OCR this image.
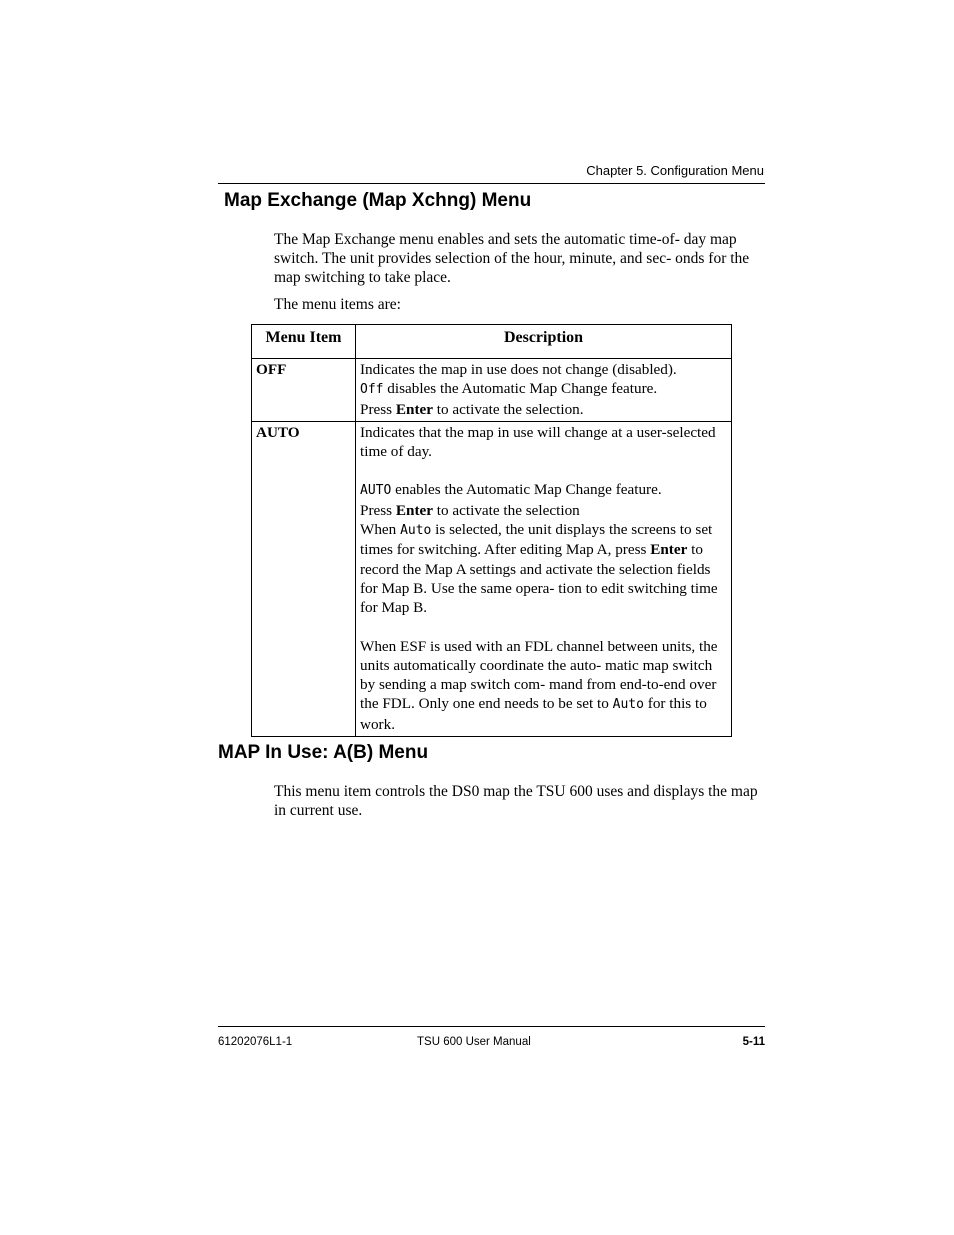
Chapter 5. Configuration Menu
Map Exchange (Map Xchng) Menu
The Map Exchange menu enables and sets the automatic time-of- day map switch. The unit provides selection of the hour, minute, and sec- onds for the map switching to take place.
The menu items are:
Menu Item	Description
OFF	Indicates the map in use does not change (disabled).
Off disables the Automatic Map Change feature.
Press Enter to activate the selection.

AUTO	Indicates that the map in use will change at a user-selected time of day.
AUTO enables the Automatic Map Change feature.
Press Enter to activate the selection
When Auto is selected, the unit displays the screens to set times for switching. After editing Map A, press Enter to record the Map A settings and activate the selection fields for Map B. Use the same opera- tion to edit switching time for Map B.
When ESF is used with an FDL channel between units, the units automatically coordinate the auto- matic map switch by sending a map switch com- mand from end-to-end over the FDL. Only one end needs to be set to Auto for this to work.
MAP In Use: A(B) Menu
This menu item controls the DS0 map the TSU 600 uses and displays the map in current use.
61202076L1-1	TSU 600 User Manual	5-11
